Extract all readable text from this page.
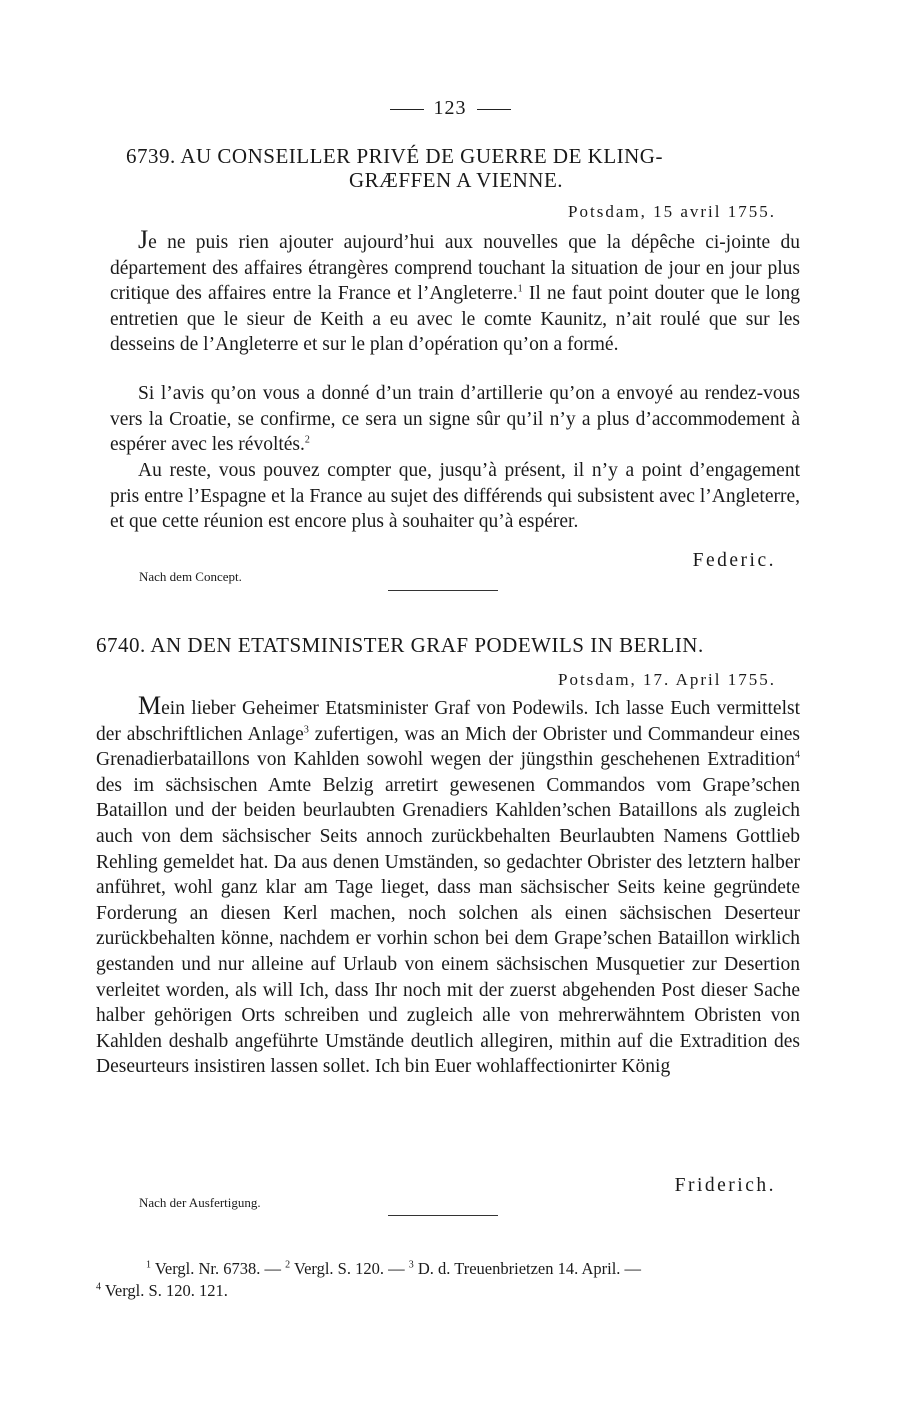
123
6739. AU CONSEILLER PRIVÉ DE GUERRE DE KLING-
GRÆFFEN A VIENNE.
Potsdam, 15 avril 1755.
Je ne puis rien ajouter aujourd’hui aux nouvelles que la dépêche ci-jointe du département des affaires étrangères comprend touchant la situation de jour en jour plus critique des affaires entre la France et l’Angleterre.$^1$ Il ne faut point douter que le long entretien que le sieur de Keith a eu avec le comte Kaunitz, n’ait roulé que sur les desseins de l’Angleterre et sur le plan d’opération qu’on a formé.
Si l’avis qu’on vous a donné d’un train d’artillerie qu’on a envoyé au rendez-vous vers la Croatie, se confirme, ce sera un signe sûr qu’il n’y a plus d’accommodement à espérer avec les révoltés.$^2$
Au reste, vous pouvez compter que, jusqu’à présent, il n’y a point d’engagement pris entre l’Espagne et la France au sujet des différends qui subsistent avec l’Angleterre, et que cette réunion est encore plus à souhaiter qu’à espérer.
Federic.
Nach dem Concept.
6740. AN DEN ETATSMINISTER GRAF PODEWILS IN BERLIN.
Potsdam, 17. April 1755.
Mein lieber Geheimer Etatsminister Graf von Podewils. Ich lasse Euch vermittelst der abschriftlichen Anlage$^3$ zufertigen, was an Mich der Obrister und Commandeur eines Grenadierbataillons von Kahlden sowohl wegen der jüngsthin geschehenen Extradition$^4$ des im sächsischen Amte Belzig arretirt gewesenen Commandos vom Grape’schen Bataillon und der beiden beurlaubten Grenadiers Kahlden’schen Bataillons als zugleich auch von dem sächsischer Seits annoch zurückbehalten Beurlaubten Namens Gottlieb Rehling gemeldet hat. Da aus denen Umständen, so gedachter Obrister des letztern halber anführet, wohl ganz klar am Tage lieget, dass man sächsischer Seits keine gegründete Forderung an diesen Kerl machen, noch solchen als einen sächsischen Deserteur zurückbehalten könne, nachdem er vorhin schon bei dem Grape’schen Bataillon wirklich gestanden und nur alleine auf Urlaub von einem sächsischen Musquetier zur Desertion verleitet worden, als will Ich, dass Ihr noch mit der zuerst abgehenden Post dieser Sache halber gehörigen Orts schreiben und zugleich alle von mehrerwähntem Obristen von Kahlden deshalb angeführte Umstände deutlich allegiren, mithin auf die Extradition des Deseurteurs insistiren lassen sollet. Ich bin Euer wohlaffectionirter König
Friderich.
Nach der Ausfertigung.

$^1$ Vergl. Nr. 6738. — $^2$ Vergl. S. 120. — $^3$ D. d. Treuenbrietzen 14. April. —

$^4$ Vergl. S. 120. 121.
